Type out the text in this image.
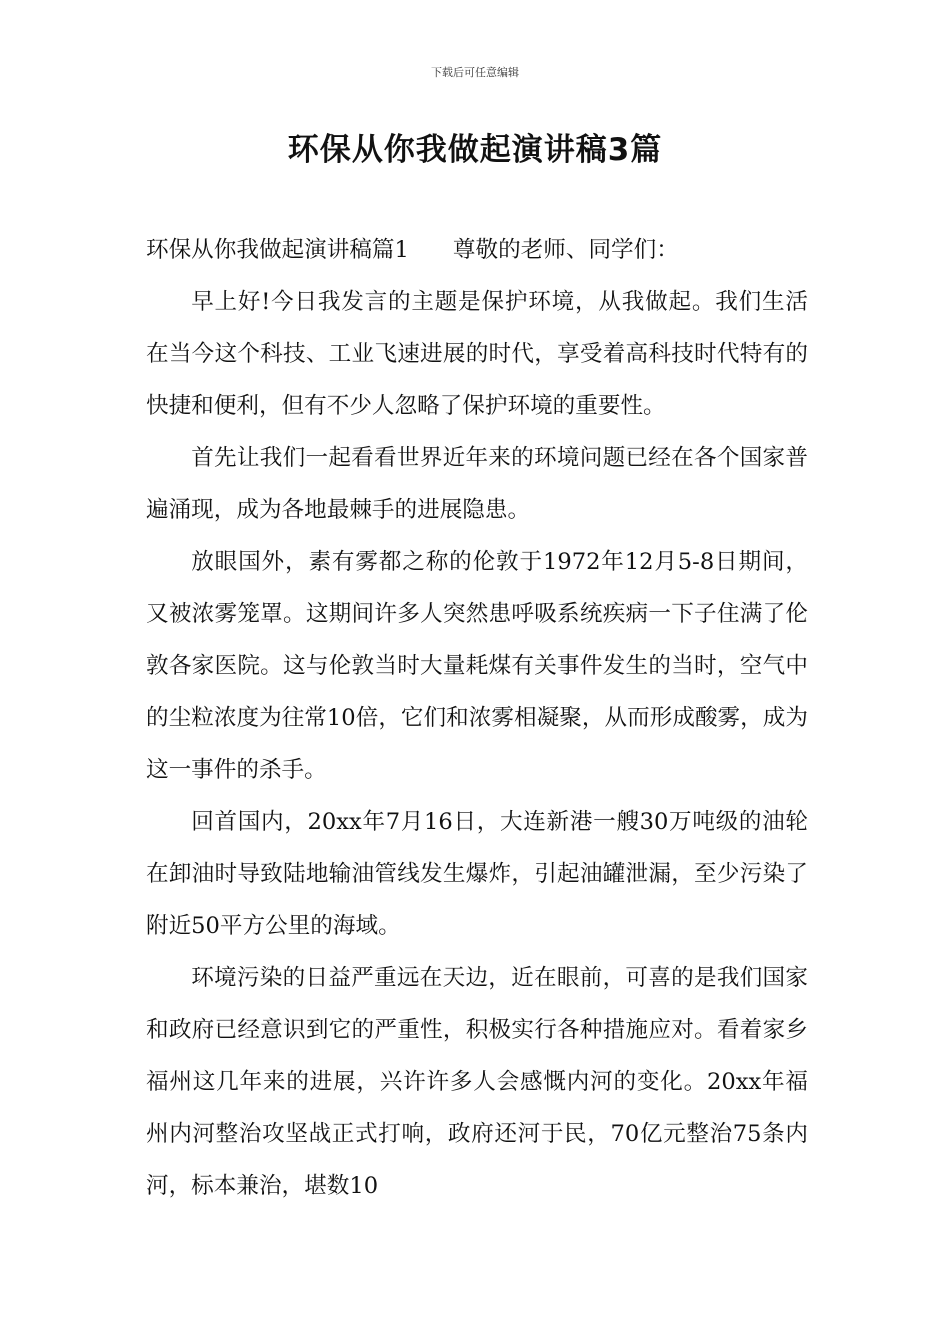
下载后可任意编辑
环保从你我做起演讲稿3篇

环保从你我做起演讲稿篇1 尊敬的老师、同学们：

早上好!今日我发言的主题是保护环境，从我做起。我们生活在当今这个科技、工业飞速进展的时代，享受着高科技时代特有的快捷和便利，但有不少人忽略了保护环境的重要性。

首先让我们一起看看世界近年来的环境问题已经在各个国家普遍涌现，成为各地最棘手的进展隐患。

放眼国外，素有雾都之称的伦敦于1972年12月5-8日期间，又被浓雾笼罩。这期间许多人突然患呼吸系统疾病一下子住满了伦敦各家医院。这与伦敦当时大量耗煤有关事件发生的当时，空气中的尘粒浓度为往常10倍，它们和浓雾相凝聚，从而形成酸雾，成为这一事件的杀手。

回首国内，20xx年7月16日，大连新港一艘30万吨级的油轮在卸油时导致陆地输油管线发生爆炸，引起油罐泄漏，至少污染了附近50平方公里的海域。

环境污染的日益严重远在天边，近在眼前，可喜的是我们国家和政府已经意识到它的严重性，积极实行各种措施应对。看着家乡福州这几年来的进展，兴许许多人会感慨内河的变化。20xx年福州内河整治攻坚战正式打响，政府还河于民，70亿元整治75条内河，标本兼治，堪数10
